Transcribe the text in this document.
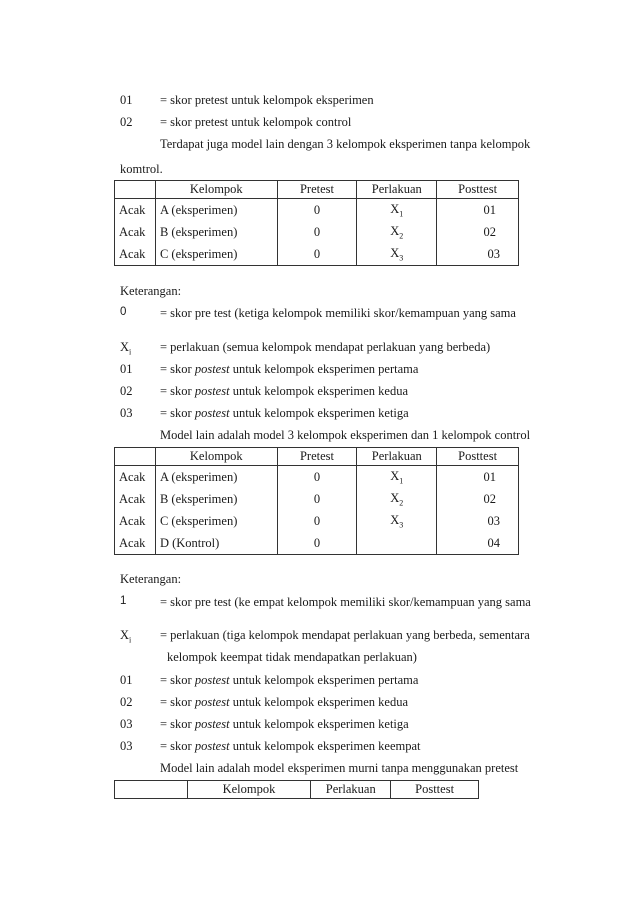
01 = skor pretest untuk kelompok eksperimen
02 = skor pretest untuk kelompok control
Terdapat juga model lain dengan 3 kelompok eksperimen tanpa kelompok
komtrol.
	Kelompok	Pretest	Perlakuan	Posttest
Acak	A (eksperimen)	0	$X_1$	01
Acak	B (eksperimen)	0	$X_2$	02
Acak	C (eksperimen)	0	$X_3$	03
Keterangan:
0	= skor pre test (ketiga kelompok memiliki skor/kemampuan yang sama
$X_i$ = perlakuan (semua kelompok mendapat perlakuan yang berbeda)
01 = skor postest untuk kelompok eksperimen pertama
02 = skor postest untuk kelompok eksperimen kedua
03 = skor postest untuk kelompok eksperimen ketiga
Model lain adalah model 3 kelompok eksperimen dan 1 kelompok control
	Kelompok	Pretest	Perlakuan	Posttest
Acak	A (eksperimen)	0	$X_1$	01
Acak	B (eksperimen)	0	$X_2$	02
Acak	C (eksperimen)	0	$X_3$	03
Acak	D (Kontrol)	0		04
Keterangan:
1	= skor pre test (ke empat kelompok memiliki skor/kemampuan yang sama
$X_i$ = perlakuan (tiga kelompok mendapat perlakuan yang berbeda, sementara
kelompok keempat tidak mendapatkan perlakuan)
01 = skor postest untuk kelompok eksperimen pertama
02 = skor postest untuk kelompok eksperimen kedua
03 = skor postest untuk kelompok eksperimen ketiga
03 = skor postest untuk kelompok eksperimen keempat
Model lain adalah model eksperimen murni tanpa menggunakan pretest
	Kelompok	Perlakuan	Posttest
